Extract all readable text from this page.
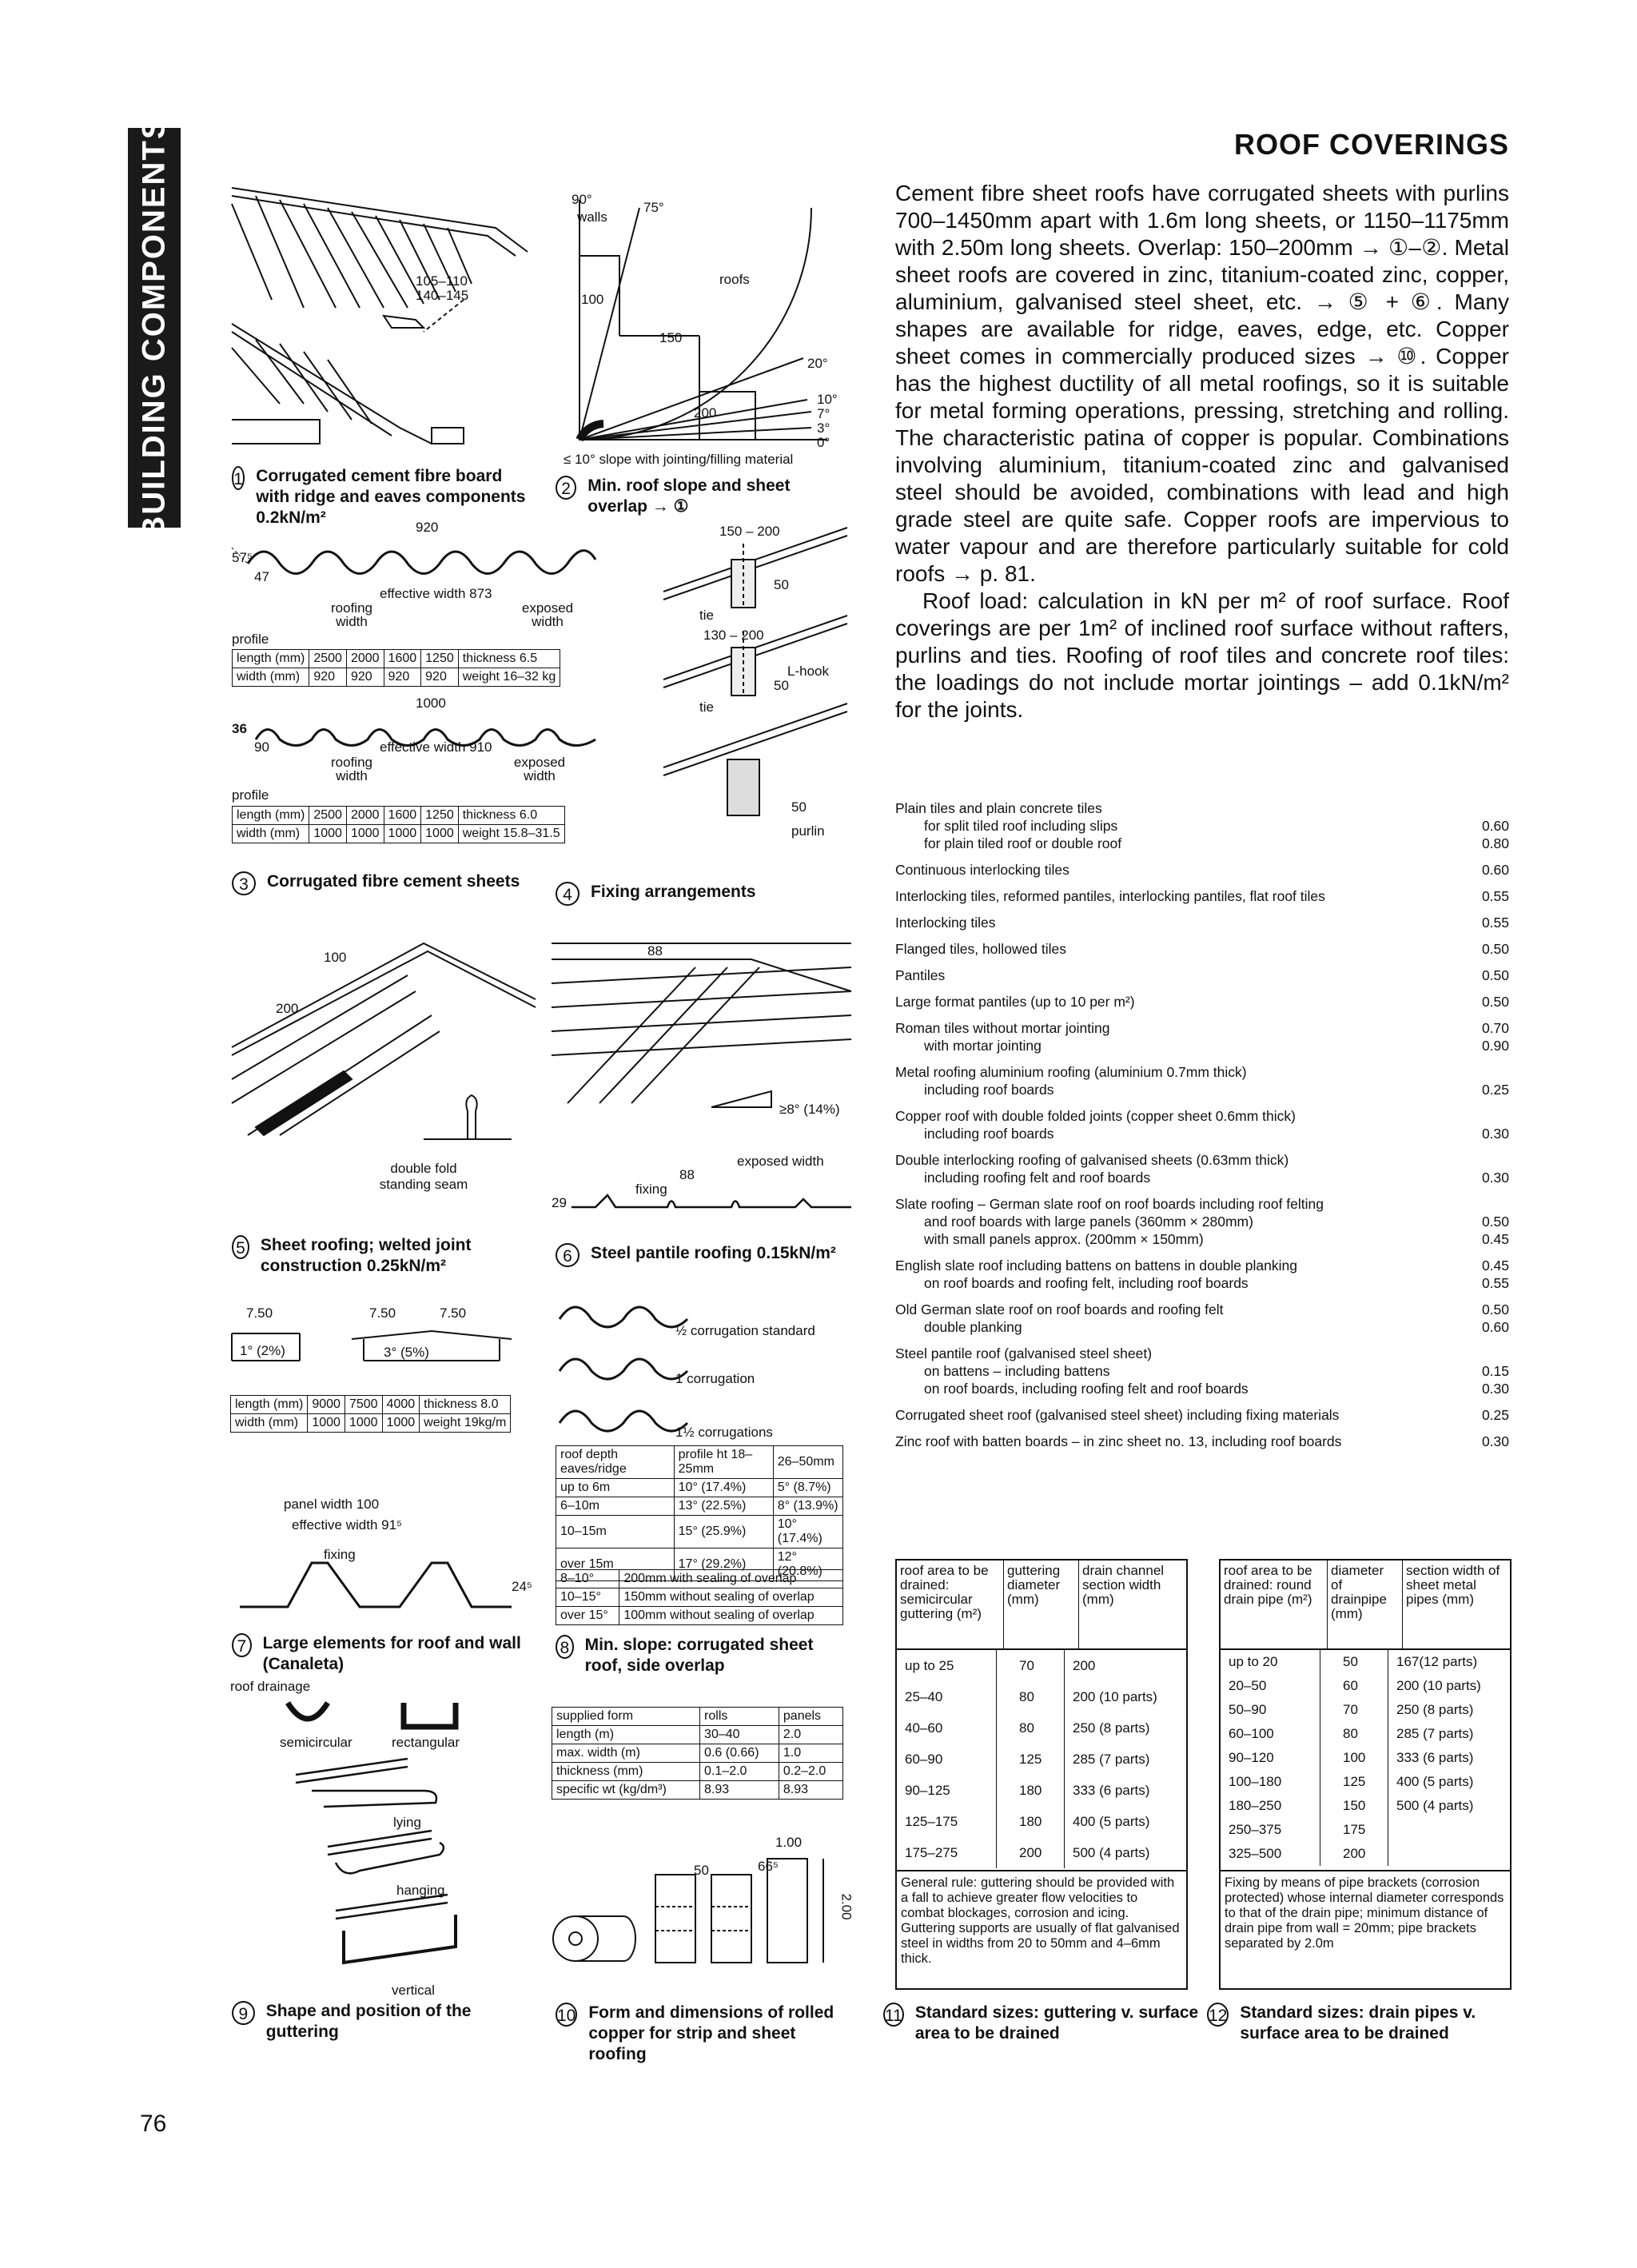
BUILDING COMPONENTS	ROOF COVERINGS

Cement fibre sheet roofs have corrugated sheets with purlins 700–1450mm apart with 1.6m long sheets, or 1150–1175mm with 2.50m long sheets. Overlap: 150–200mm → ①–②. Metal sheet roofs are covered in zinc, titanium-coated zinc, copper, aluminium, galvanised steel sheet, etc. → ⑤ + ⑥. Many shapes are available for ridge, eaves, edge, etc. Copper sheet comes in commercially produced sizes → ⑩. Copper has the highest ductility of all metal roofings, so it is suitable for metal forming operations, pressing, stretching and rolling. The characteristic patina of copper is popular. Combinations involving aluminium, titanium-coated zinc and galvanised steel should be avoided, combinations with lead and high grade steel are quite safe. Copper roofs are impervious to water vapour and are therefore particularly suitable for cold roofs → p. 81.

Roof load: calculation in kN per m² of roof surface. Roof coverings are per 1m² of inclined roof surface without rafters, purlins and ties. Roofing of roof tiles and concrete roof tiles: the loadings do not include mortar jointings – add 0.1kN/m² for the joints.

76
105–110
140–145
1 Corrugated cement fibre board with ridge and eaves components 0.2kN/m²
90°
75°
walls
roofs
100
150
200
20°
10°
7°
3°
0°
≤ 10° slope with jointing/filling material
2	Min. roof slope and sheet overlap → ①
920
57⁵
47
effective width 873
roofing width
exposed width
profile
length (mm)	2500	2000	1600	1250	thickness 6.5
width (mm)	920	920	920	920	weight 16–32 kg
1000
36
90	effective width 910
roofing width
exposed width
profile
length (mm)	2500	2000	1600	1250	thickness 6.0
width (mm)	1000	1000	1000	1000	weight 15.8–31.5
3	Corrugated fibre cement sheets
150 – 200
50
tie
130 – 200
L-hook
50
tie
50
purlin
4	Fixing arrangements
100
200
double fold standing seam
5 Sheet roofing; welted joint construction 0.25kN/m²
88
≥8° (14%)
exposed width
88
fixing
29
6	Steel pantile roofing 0.15kN/m²
7.50	7.50	7.50
1° (2%)	3° (5%)
length (mm)	9000	7500	4000	thickness 8.0
width (mm)	1000	1000	1000	weight 19kg/m
panel width 100
effective width 91⁵
fixing
24⁵
7 Large elements for roof and wall (Canaleta)
½ corrugation standard
1 corrugation
1½ corrugations
roof depth eaves/ridge	profile ht 18–25mm	26–50mm
up to 6m	10° (17.4%)	5° (8.7%)
6–10m	13° (22.5%)	8° (13.9%)
10–15m	15° (25.9%)	10° (17.4%)
over 15m	17° (29.2%)	12° (20.8%)
8–10°	200mm with sealing of overlap
10–15°	150mm without sealing of overlap
over 15°	100mm without sealing of overlap
8 Min. slope: corrugated sheet roof, side overlap
roof drainage
semicircular	rectangular
lying
hanging
vertical
9	Shape and position of the guttering
supplied form	rolls	panels
length (m)	30–40	2.0
max. width (m)	0.6 (0.66)	1.0
thickness (mm)	0.1–2.0	0.2–2.0
specific wt (kg/dm³)	8.93	8.93
1.00
50	66⁵
2.00
10 Form and dimensions of rolled copper for strip and sheet roofing
Plain tiles and plain concrete tiles
for split tiled roof including slips	0.60
for plain tiled roof or double roof	0.80
Continuous interlocking tiles	0.60
Interlocking tiles, reformed pantiles, interlocking pantiles, flat roof tiles	0.55
Interlocking tiles	0.55
Flanged tiles, hollowed tiles	0.50
Pantiles	0.50
Large format pantiles (up to 10 per m²)	0.50
Roman tiles without mortar jointing	0.70
with mortar jointing	0.90
Metal roofing aluminium roofing (aluminium 0.7mm thick)
including roof boards	0.25
Copper roof with double folded joints (copper sheet 0.6mm thick)
including roof boards	0.30
Double interlocking roofing of galvanised sheets (0.63mm thick)
including roofing felt and roof boards	0.30
Slate roofing – German slate roof on roof boards including roof felting
and roof boards with large panels (360mm × 280mm)	0.50
with small panels approx. (200mm × 150mm)	0.45
English slate roof including battens on battens in double planking	0.45
on roof boards and roofing felt, including roof boards	0.55
Old German slate roof on roof boards and roofing felt	0.50
double planking	0.60
Steel pantile roof (galvanised steel sheet)
on battens – including battens	0.15
on roof boards, including roofing felt and roof boards	0.30
Corrugated sheet roof (galvanised steel sheet) including fixing materials	0.25
Zinc roof with batten boards – in zinc sheet no. 13, including roof boards	0.30
roof area to be drained: semicircular guttering (m²)
guttering diameter (mm)
drain channel section width (mm)
up to 25	70	200
25–40	80	200 (10 parts)
40–60	80	250 (8 parts)
60–90	125	285 (7 parts)
90–125	180	333 (6 parts)
125–175	180	400 (5 parts)
175–275	200	500 (4 parts)
General rule: guttering should be provided with a fall to achieve greater flow velocities to combat blockages, corrosion and icing. Guttering supports are usually of flat galvanised steel in widths from 20 to 50mm and 4–6mm thick.
11 Standard sizes: guttering v. surface area to be drained
roof area to be drained: round drain pipe (m²)
diameter of drainpipe (mm)
section width of sheet metal pipes (mm)
up to 20	50	167(12 parts)
20–50	60	200 (10 parts)
50–90	70	250 (8 parts)
60–100	80	285 (7 parts)
90–120	100	333 (6 parts)
100–180	125	400 (5 parts)
180–250	150	500 (4 parts)
250–375	175
325–500	200
Fixing by means of pipe brackets (corrosion protected) whose internal diameter corresponds to that of the drain pipe; minimum distance of drain pipe from wall = 20mm; pipe brackets separated by 2.0m
12 Standard sizes: drain pipes v. surface area to be drained
